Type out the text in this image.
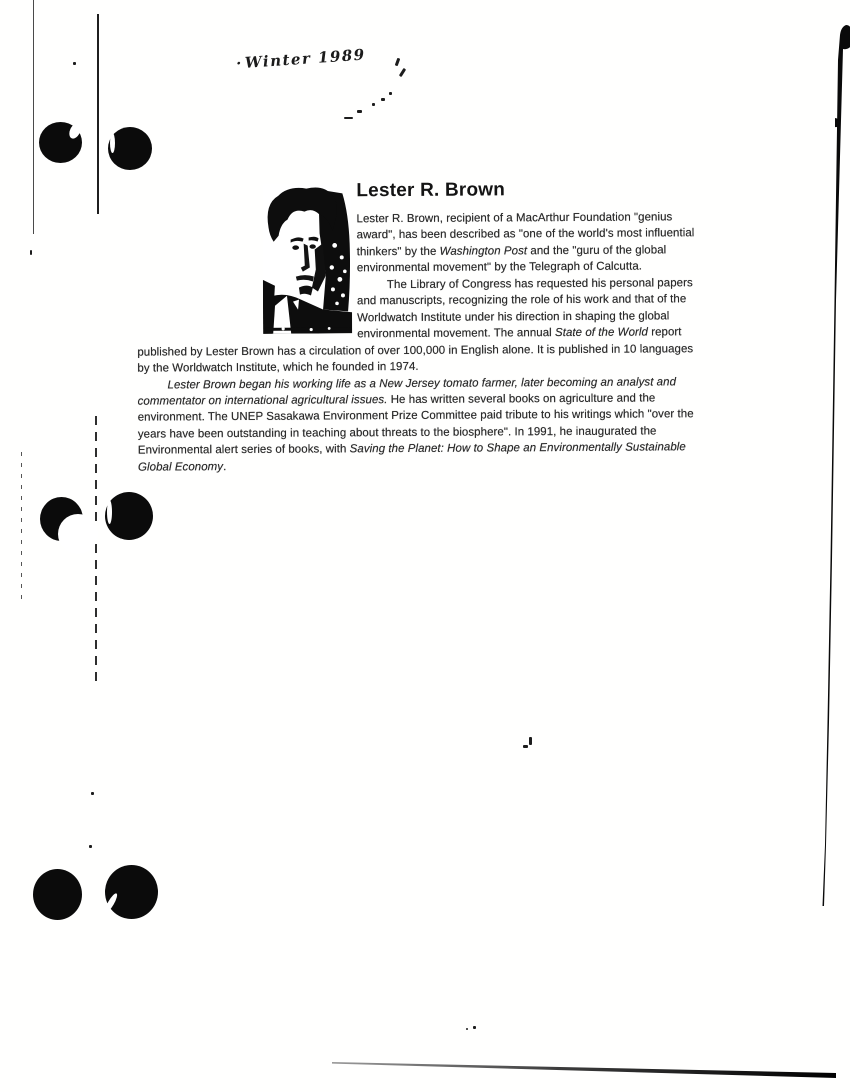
· Winter 1989
Lester R. Brown

Lester R. Brown, recipient of a MacArthur Foundation "genius award", has been described as "one of the world's most influential thinkers" by the Washington Post and the "guru of the global environmental movement" by the Telegraph of Calcutta.

The Library of Congress has requested his personal papers and manuscripts, recognizing the role of his work and that of the Worldwatch Institute under his direction in shaping the global environmental movement. The annual State of the World report published by Lester Brown has a circulation of over 100,000 in English alone. It is published in 10 languages by the Worldwatch Institute, which he founded in 1974.

Lester Brown began his working life as a New Jersey tomato farmer, later becoming an analyst and commentator on international agricultural issues. He has written several books on agriculture and the environment. The UNEP Sasakawa Environment Prize Committee paid tribute to his writings which "over the years have been outstanding in teaching about threats to the biosphere". In 1991, he inaugurated the Environmental alert series of books, with Saving the Planet: How to Shape an Environmentally Sustainable Global Economy.
